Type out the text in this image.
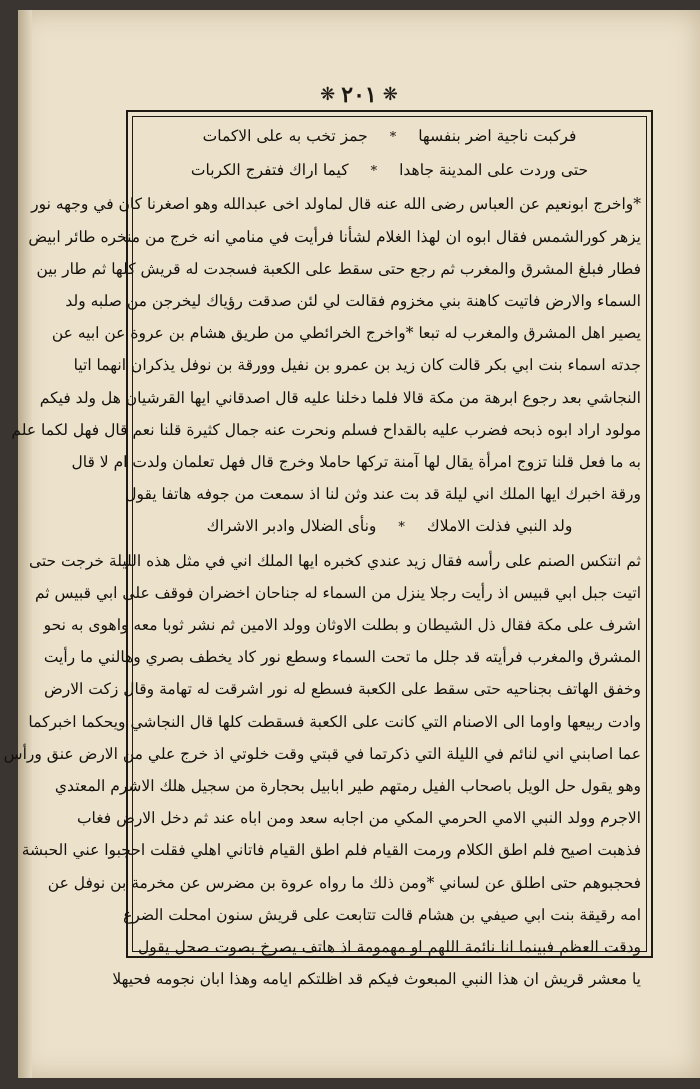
❋ ٢٠١ ❋
فركبت ناجية اضر بنفسها*جمز تخب به على الاكمات
حتى وردت على المدينة جاهدا*كيما اراك فتفرج الكربات
*واخرج ابونعيم عن العباس رضى الله عنه قال لماولد اخى عبدالله وهو اصغرنا كان في وجهه نور
يزهر كورالشمس فقال ابوه ان لهذا الغلام لشأنا فرأيت في منامي انه خرج من منخره طائر ابيض
فطار فبلغ المشرق والمغرب ثم رجع حتى سقط على الكعبة فسجدت له قريش كلها ثم طار بين
السماء والارض فاتيت كاهنة بني مخزوم فقالت لي لئن صدقت رؤياك ليخرجن من صلبه ولد
يصير اهل المشرق والمغرب له تبعا *واخرج الخرائطي من طريق هشام بن عروة عن ابيه عن
جدته اسماء بنت ابي بكر قالت كان زيد بن عمرو بن نفيل وورقة بن نوفل يذكران انهما اتيا
النجاشي بعد رجوع ابرهة من مكة قالا فلما دخلنا عليه قال اصدقاني ايها القرشيان هل ولد فيكم
مولود اراد ابوه ذبحه فضرب عليه بالقداح فسلم ونحرت عنه جمال كثيرة قلنا نعم قال فهل لكما علم
به ما فعل قلنا تزوج امرأة يقال لها آمنة تركها حاملا وخرج قال فهل تعلمان ولدت ام لا قال
ورقة اخبرك ايها الملك اني ليلة قد بت عند وثن لنا اذ سمعت من جوفه هاتفا يقول
ولد النبي فذلت الاملاك*ونأى الضلال وادبر الاشراك
ثم انتكس الصنم على رأسه فقال زيد عندي كخبره ايها الملك اني في مثل هذه الليلة خرجت حتى
اتيت جبل ابي قبيس اذ رأيت رجلا ينزل من السماء له جناحان اخضران فوقف على ابي قبيس ثم
اشرف على مكة فقال ذل الشيطان و بطلت الاوثان وولد الامين ثم نشر ثوبا معه واهوى به نحو
المشرق والمغرب فرأيته قد جلل ما تحت السماء وسطع نور كاد يخطف بصري وهالني ما رأيت
وخفق الهاتف بجناحيه حتى سقط على الكعبة فسطع له نور اشرقت له تهامة وقال زكت الارض
وادت ربيعها واوما الى الاصنام التي كانت على الكعبة فسقطت كلها قال النجاشي ويحكما اخبركما
عما اصابني اني لنائم في الليلة التي ذكرتما في قبتي وقت خلوتي اذ خرج علي من الارض عنق ورأس
وهو يقول حل الويل باصحاب الفيل رمتهم طير ابابيل بحجارة من سجيل هلك الاشرم المعتدي
الاجرم وولد النبي الامي الحرمي المكي من اجابه سعد ومن اباه عند ثم دخل الارض فغاب
فذهبت اصيح فلم اطق الكلام ورمت القيام فلم اطق القيام فاتاني اهلي فقلت احجبوا عني الحبشة
فحجبوهم حتى اطلق عن لساني *ومن ذلك ما رواه عروة بن مضرس عن مخرمة بن نوفل عن
امه رقيقة بنت ابي صيفي بن هشام قالت تتابعت على قريش سنون امحلت الضرع
ودقت العظم فبينما انا نائمة اللهم او مهمومة اذ هاتف يصرخ بصوت صحل يقول
يا معشر قريش ان هذا النبي المبعوث فيكم قد اظلتكم ايامه وهذا ابان نجومه فحيهلا
